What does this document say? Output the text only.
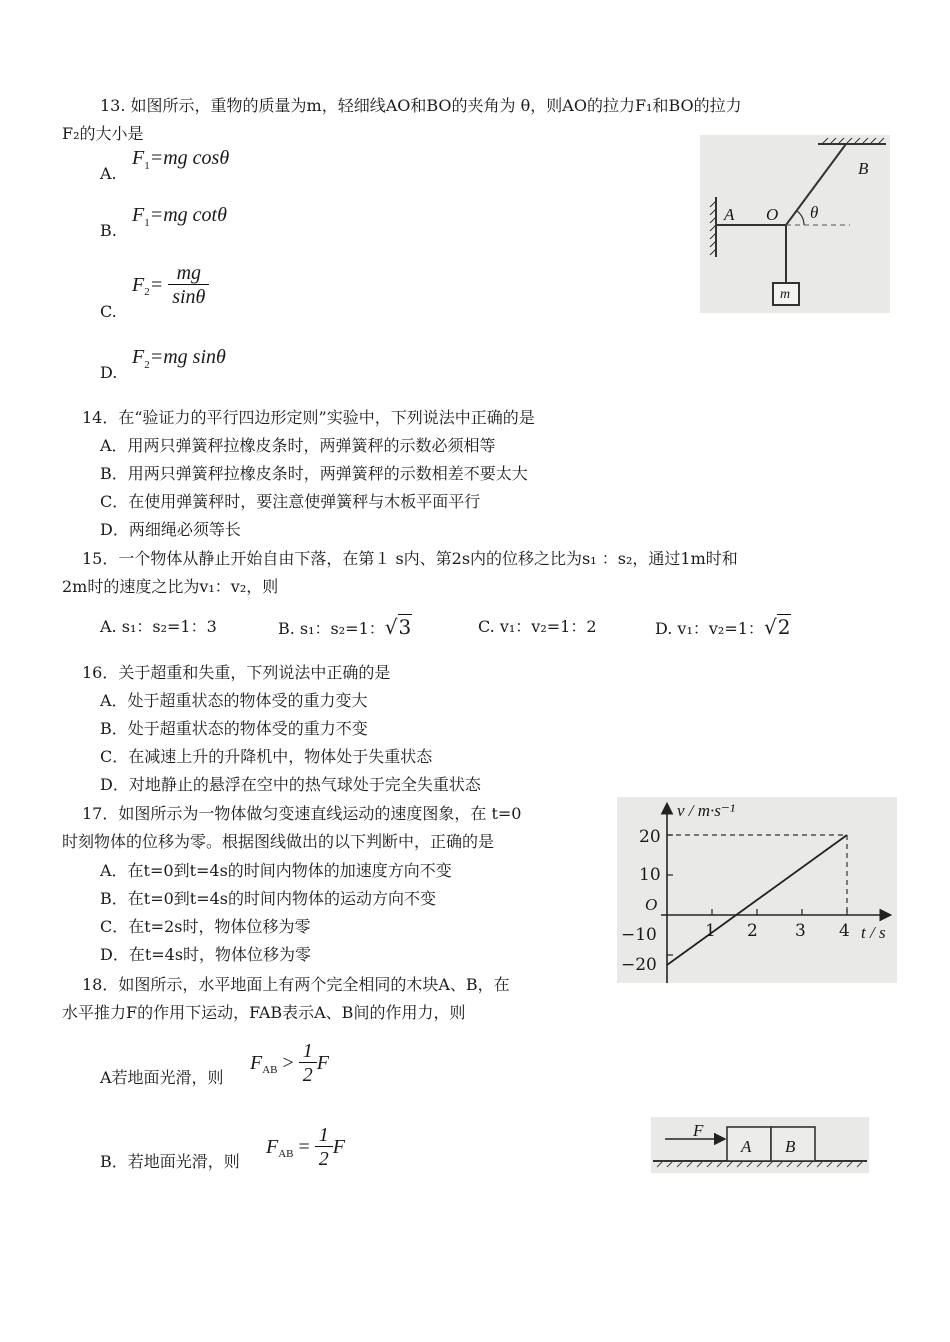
13. 如图所示，重物的质量为m，轻细线AO和BO的夹角为 θ，则AO的拉力F₁和BO的拉力
F₂的大小是
A.
$F_1=mg$ cosθ
B.
$F_1=mg$ cotθ
C.
$F_2= \frac{mg}{\sin\theta}$
D.
$F_2=mg$ sinθ
A O
B
θ
m
14．在“验证力的平行四边形定则”实验中，下列说法中正确的是
A．用两只弹簧秤拉橡皮条时，两弹簧秤的示数必须相等
B．用两只弹簧秤拉橡皮条时，两弹簧秤的示数相差不要太大
C．在使用弹簧秤时，要注意使弹簧秤与木板平面平行
D．两细绳必须等长
15．一个物体从静止开始自由下落，在第１ s内、第2s内的位移之比为s₁ ：s₂，通过1m时和
2m时的速度之比为v₁：v₂，则
A. s₁：s₂=1：3	B. s₁：s₂=1：√3	C. v₁：v₂=1：2	D. v₁：v₂=1：√2
16．关于超重和失重，下列说法中正确的是
A．处于超重状态的物体受的重力变大
B．处于超重状态的物体受的重力不变
C．在减速上升的升降机中，物体处于失重状态
D．对地静止的悬浮在空中的热气球处于完全失重状态
17．如图所示为一物体做匀变速直线运动的速度图象，在 t=0
时刻物体的位移为零。根据图线做出的以下判断中，正确的是
A．在t=0到t=4s的时间内物体的加速度方向不变
B．在t=0到t=4s的时间内物体的运动方向不变
C．在t=2s时，物体位移为零
D．在t=4s时，物体位移为零
v / m·s⁻¹
t / s
O
20
10
−10
−20
1 2 3 4
18．如图所示，水平地面上有两个完全相同的木块A、B，在
水平推力F的作用下运动，FAB表示A、B间的作用力，则
A若地面光滑，则
$F_{AB} > \frac{1}{2}$ F
B．若地面光滑，则
$F_{AB} = \frac{1}{2}$ F
F
A B
